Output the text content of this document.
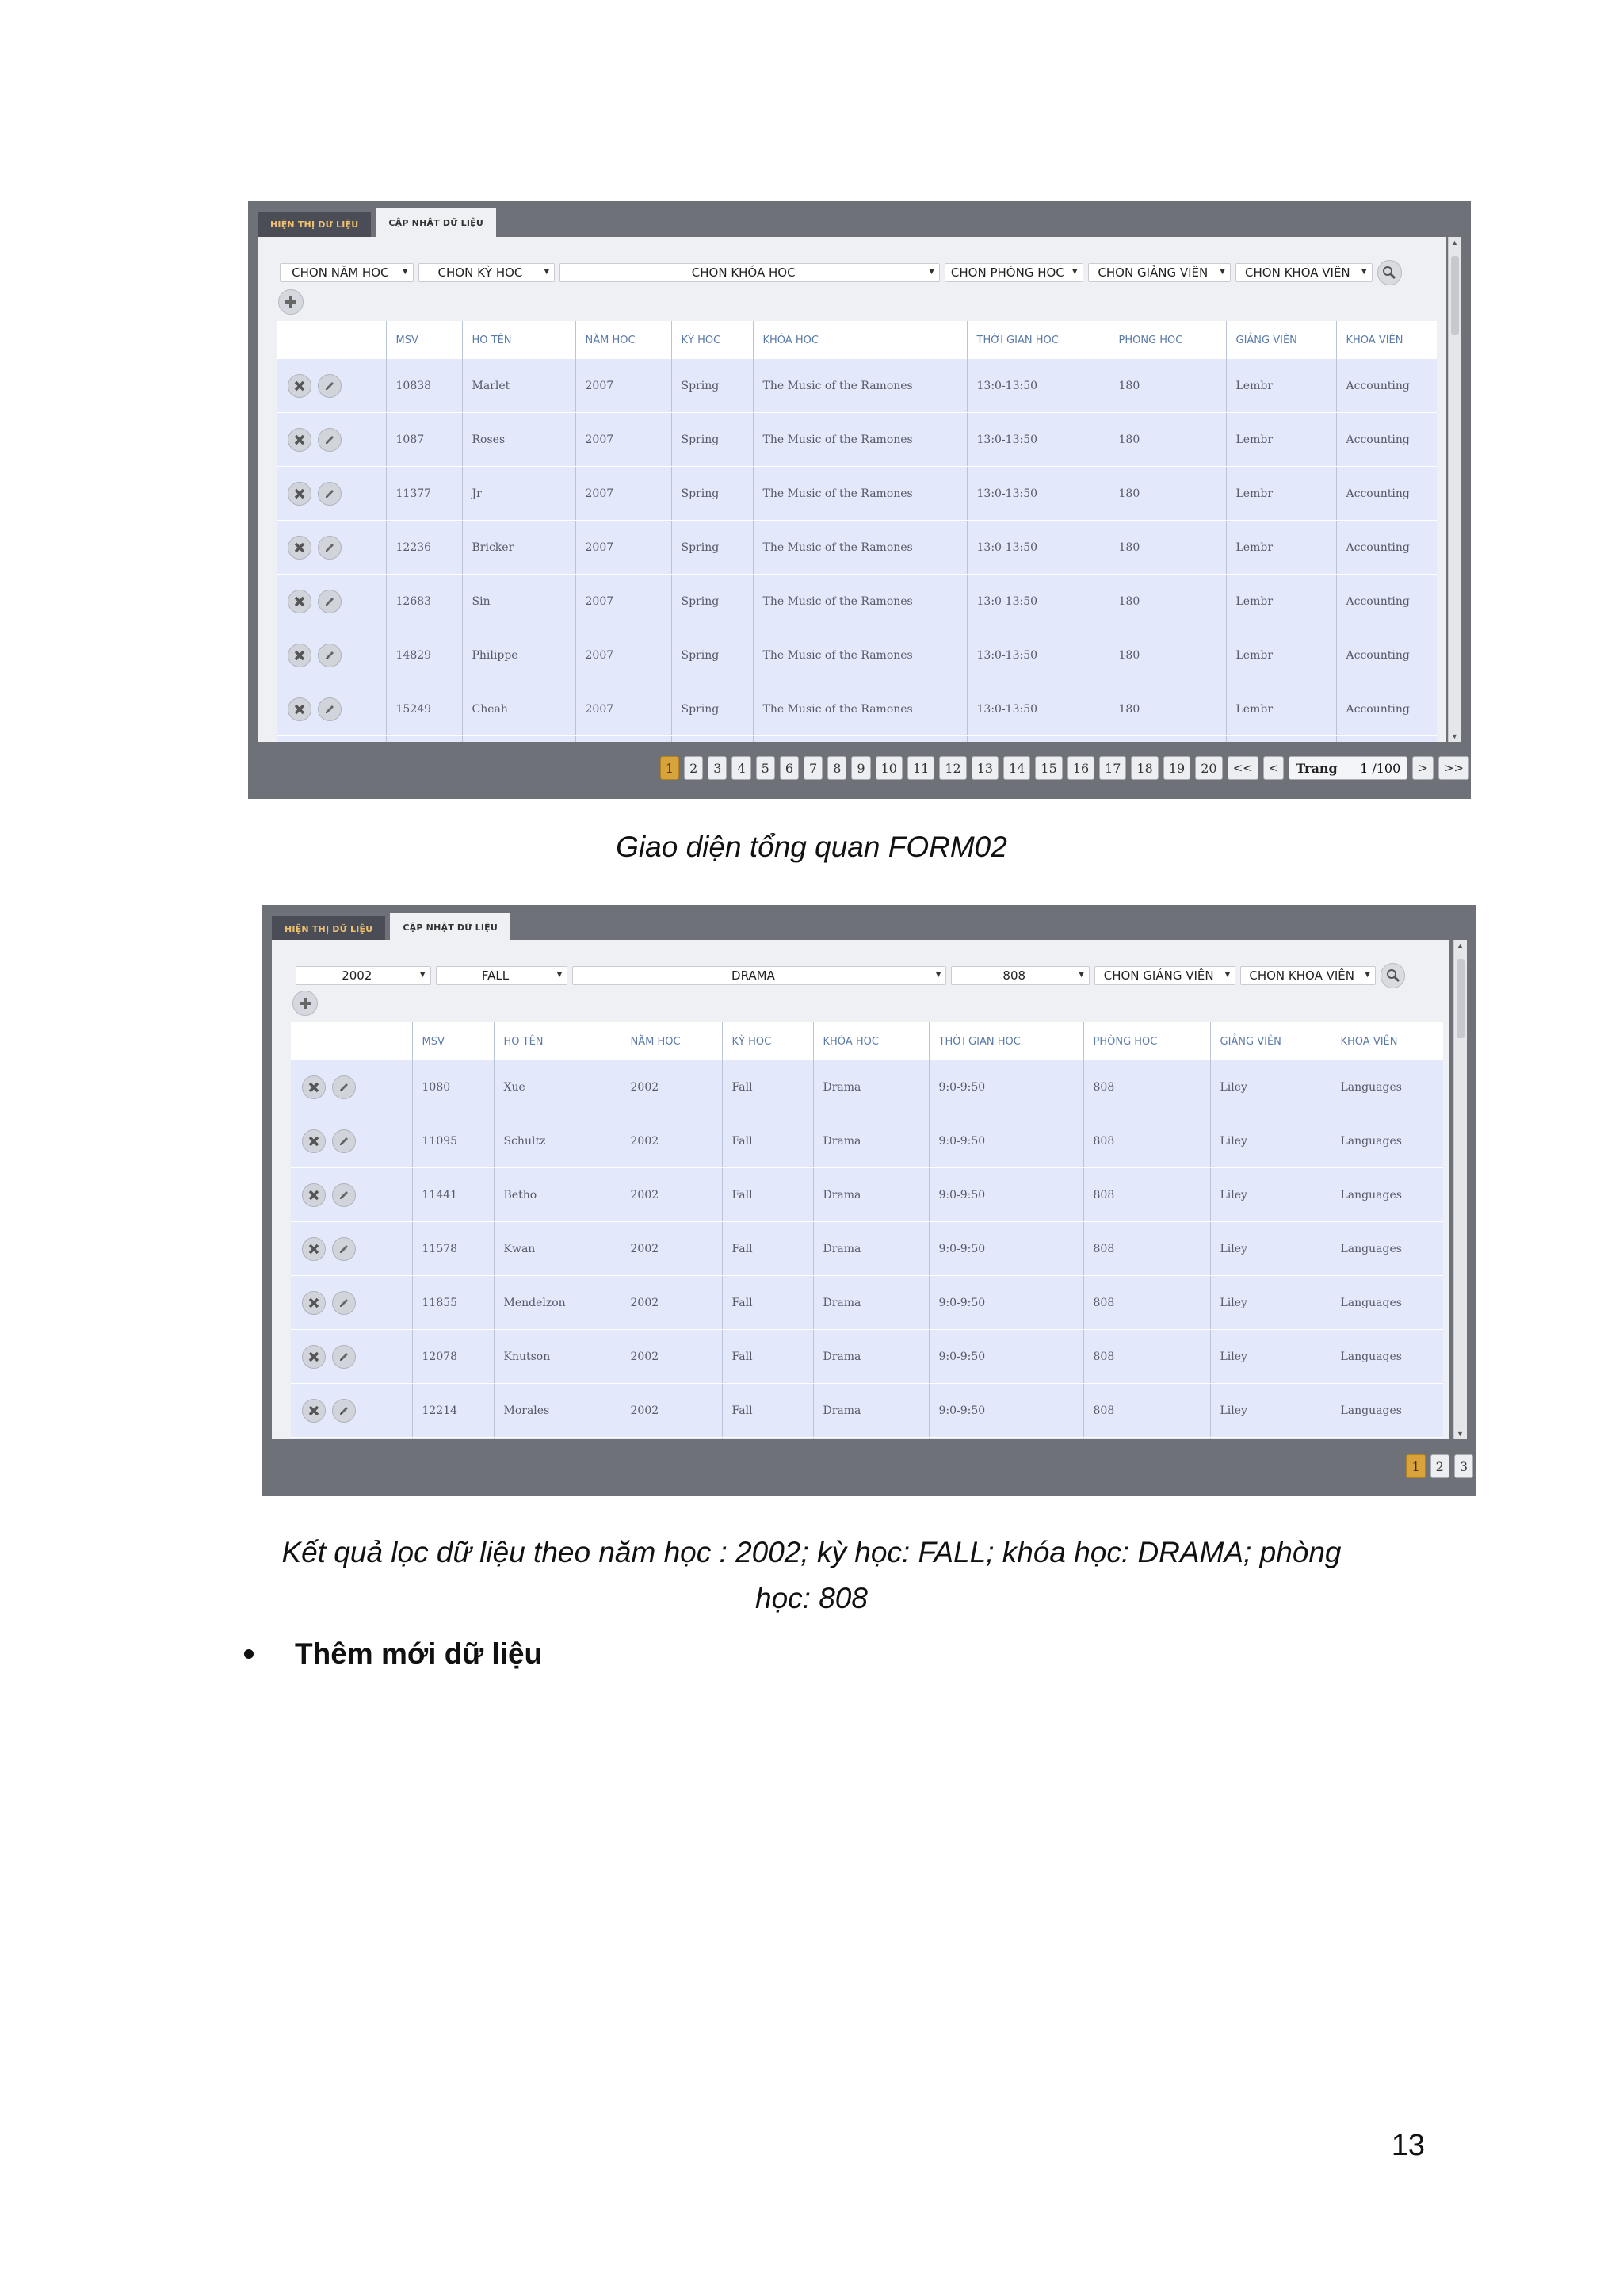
HIỆN THỊ DỮ LIỆU	CẬP NHẬT DỮ LIỆU
CHON NĂM HOC ▼	CHON KỲ HOC	▼	CHON KHÓA HOC	▼ CHON PHÒNG HOC ▼ CHON GIẢNG VIÊN ▼ CHON KHOA VIÊN ▼
	MSV	HO TÊN	NĂM HOC	KỲ HOC	KHÓA HOC	THỜI GIAN HOC	PHÒNG HOC	GIẢNG VIÊN	KHOA VIÊN

	10838	Marlet	2007	Spring	The Music of the Ramones	13:0-13:50	180	Lembr	Accounting

	1087	Roses	2007	Spring	The Music of the Ramones	13:0-13:50	180	Lembr	Accounting

	11377	Jr	2007	Spring	The Music of the Ramones	13:0-13:50	180	Lembr	Accounting

	12236	Bricker	2007	Spring	The Music of the Ramones	13:0-13:50	180	Lembr	Accounting

	12683	Sin	2007	Spring	The Music of the Ramones	13:0-13:50	180	Lembr	Accounting

	14829	Philippe	2007	Spring	The Music of the Ramones	13:0-13:50	180	Lembr	Accounting

	15249	Cheah	2007	Spring	The Music of the Ramones	13:0-13:50	180	Lembr	Accounting

▲
▼
1	2	3	4	5	6	7	8	9	10	11	12	13	14	15	16	17	18	19	20	<<	<	Trang 1 /100	>	>>
Giao diện tổng quan FORM02
HIỆN THỊ DỮ LIỆU	CẬP NHẬT DỮ LIỆU
2002	▼	FALL	▼	DRAMA	▼	808	▼ CHON GIẢNG VIÊN ▼ CHON KHOA VIÊN ▼
	MSV	HO TÊN	NĂM HOC	KỲ HOC	KHÓA HOC	THỜI GIAN HOC	PHÒNG HOC	GIẢNG VIÊN	KHOA VIÊN

	1080	Xue	2002	Fall	Drama	9:0-9:50	808	Liley	Languages

	11095	Schultz	2002	Fall	Drama	9:0-9:50	808	Liley	Languages

	11441	Betho	2002	Fall	Drama	9:0-9:50	808	Liley	Languages

	11578	Kwan	2002	Fall	Drama	9:0-9:50	808	Liley	Languages

	11855	Mendelzon	2002	Fall	Drama	9:0-9:50	808	Liley	Languages

	12078	Knutson	2002	Fall	Drama	9:0-9:50	808	Liley	Languages

	12214	Morales	2002	Fall	Drama	9:0-9:50	808	Liley	Languages

▲
▼
1	2	3
Kết quả lọc dữ liệu theo năm học : 2002; kỳ học: FALL; khóa học: DRAMA; phòng
học: 808
Thêm mới dữ liệu
13
